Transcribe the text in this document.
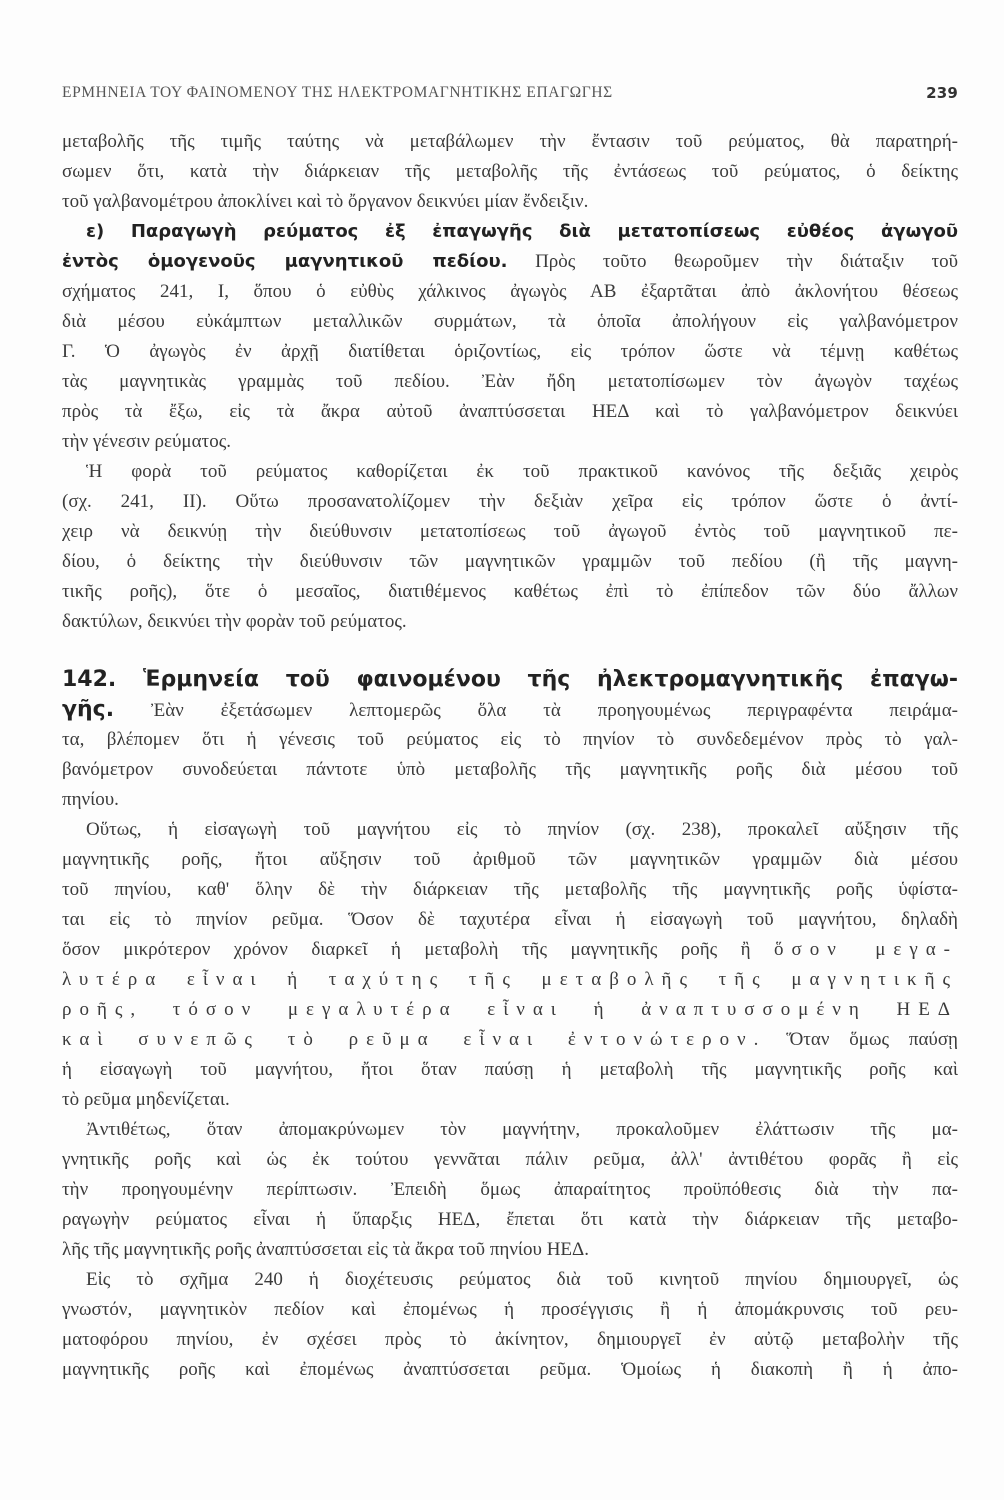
ΕΡΜΗΝΕΙΑ ΤΟΥ ΦΑΙΝΟΜΕΝΟΥ ΤΗΣ ΗΛΕΚΤΡΟΜΑΓΝΗΤΙΚΗΣ ΕΠΑΓΩΓΗΣ	239
μεταβολῆς τῆς τιμῆς ταύτης νὰ μεταβάλωμεν τὴν ἔντασιν τοῦ ρεύματος, θὰ παρατηρή-
σωμεν ὅτι, κατὰ τὴν διάρκειαν τῆς μεταβολῆς τῆς ἐντάσεως τοῦ ρεύματος, ὁ δείκτης
τοῦ γαλβανομέτρου ἀποκλίνει καὶ τὸ ὄργανον δεικνύει μίαν ἔνδειξιν.
ε) Παραγωγὴ ρεύματος ἐξ ἐπαγωγῆς διὰ μετατοπίσεως εὐθέος ἀγωγοῦ
ἐντὸς ὁμογενοῦς μαγνητικοῦ πεδίου. Πρὸς τοῦτο θεωροῦμεν τὴν διάταξιν τοῦ
σχήματος 241, Ι, ὅπου ὁ εὐθὺς χάλκινος ἀγωγὸς ΑΒ ἐξαρτᾶται ἀπὸ ἀκλονήτου θέσεως
διὰ μέσου εὐκάμπτων μεταλλικῶν συρμάτων, τὰ ὁποῖα ἀπολήγουν εἰς γαλβανόμετρον
Γ. Ὁ ἀγωγὸς ἐν ἀρχῇ διατίθεται ὁριζοντίως, εἰς τρόπον ὥστε νὰ τέμνῃ καθέτως
τὰς μαγνητικὰς γραμμὰς τοῦ πεδίου. Ἐὰν ἤδη μετατοπίσωμεν τὸν ἀγωγὸν ταχέως
πρὸς τὰ ἔξω, εἰς τὰ ἄκρα αὐτοῦ ἀναπτύσσεται ΗΕΔ καὶ τὸ γαλβανόμετρον δεικνύει
τὴν γένεσιν ρεύματος.
Ἡ φορὰ τοῦ ρεύματος καθορίζεται ἐκ τοῦ πρακτικοῦ κανόνος τῆς δεξιᾶς χειρὸς
(σχ. 241, ΙΙ). Οὕτω προσανατολίζομεν τὴν δεξιὰν χεῖρα εἰς τρόπον ὥστε ὁ ἀντί-
χειρ νὰ δεικνύῃ τὴν διεύθυνσιν μετατοπίσεως τοῦ ἀγωγοῦ ἐντὸς τοῦ μαγνητικοῦ πε-
δίου, ὁ δείκτης τὴν διεύθυνσιν τῶν μαγνητικῶν γραμμῶν τοῦ πεδίου (ἢ τῆς μαγνη-
τικῆς ροῆς), ὅτε ὁ μεσαῖος, διατιθέμενος καθέτως ἐπὶ τὸ ἐπίπεδον τῶν δύο ἄλλων
δακτύλων, δεικνύει τὴν φορὰν τοῦ ρεύματος.
142. Ἑρμηνεία τοῦ φαινομένου τῆς ἠλεκτρομαγνητικῆς ἐπαγω-
γῆς. Ἐὰν ἐξετάσωμεν λεπτομερῶς ὅλα τὰ προηγουμένως περιγραφέντα πειράμα-
τα, βλέπομεν ὅτι ἡ γένεσις τοῦ ρεύματος εἰς τὸ πηνίον τὸ συνδεδεμένον πρὸς τὸ γαλ-
βανόμετρον συνοδεύεται πάντοτε ὑπὸ μεταβολῆς τῆς μαγνητικῆς ροῆς διὰ μέσου τοῦ
πηνίου.
Οὕτως, ἡ εἰσαγωγὴ τοῦ μαγνήτου εἰς τὸ πηνίον (σχ. 238), προκαλεῖ αὔξησιν τῆς
μαγνητικῆς ροῆς, ἤτοι αὔξησιν τοῦ ἀριθμοῦ τῶν μαγνητικῶν γραμμῶν διὰ μέσου
τοῦ πηνίου, καθ' ὅλην δὲ τὴν διάρκειαν τῆς μεταβολῆς τῆς μαγνητικῆς ροῆς ὑφίστα-
ται εἰς τὸ πηνίον ρεῦμα. Ὅσον δὲ ταχυτέρα εἶναι ἡ εἰσαγωγὴ τοῦ μαγνήτου, δηλαδὴ
ὅσον μικρότερον χρόνον διαρκεῖ ἡ μεταβολὴ τῆς μαγνητικῆς ροῆς ἢ ὅσον μεγα-
λυτέρα εἶναι ἡ ταχύτης τῆς μεταβολῆς τῆς μαγνητικῆς
ροῆς, τόσον μεγαλυτέρα εἶναι ἡ ἀναπτυσσομένη ΗΕΔ
καὶ συνεπῶς τὸ ρεῦμα εἶναι ἐντονώτερον. Ὅταν ὅμως παύσῃ
ἡ εἰσαγωγὴ τοῦ μαγνήτου, ἤτοι ὅταν παύσῃ ἡ μεταβολὴ τῆς μαγνητικῆς ροῆς καὶ
τὸ ρεῦμα μηδενίζεται.
Ἀντιθέτως, ὅταν ἀπομακρύνωμεν τὸν μαγνήτην, προκαλοῦμεν ἐλάττωσιν τῆς μα-
γνητικῆς ροῆς καὶ ὡς ἐκ τούτου γεννᾶται πάλιν ρεῦμα, ἀλλ' ἀντιθέτου φορᾶς ἢ εἰς
τὴν προηγουμένην περίπτωσιν. Ἐπειδὴ ὅμως ἀπαραίτητος προϋπόθεσις διὰ τὴν πα-
ραγωγὴν ρεύματος εἶναι ἡ ὕπαρξις ΗΕΔ, ἔπεται ὅτι κατὰ τὴν διάρκειαν τῆς μεταβο-
λῆς τῆς μαγνητικῆς ροῆς ἀναπτύσσεται εἰς τὰ ἄκρα τοῦ πηνίου ΗΕΔ.
Εἰς τὸ σχῆμα 240 ἡ διοχέτευσις ρεύματος διὰ τοῦ κινητοῦ πηνίου δημιουργεῖ, ὡς
γνωστόν, μαγνητικὸν πεδίον καὶ ἐπομένως ἡ προσέγγισις ἢ ἡ ἀπομάκρυνσις τοῦ ρευ-
ματοφόρου πηνίου, ἐν σχέσει πρὸς τὸ ἀκίνητον, δημιουργεῖ ἐν αὐτῷ μεταβολὴν τῆς
μαγνητικῆς ροῆς καὶ ἐπομένως ἀναπτύσσεται ρεῦμα. Ὁμοίως ἡ διακοπὴ ἢ ἡ ἀπο-
